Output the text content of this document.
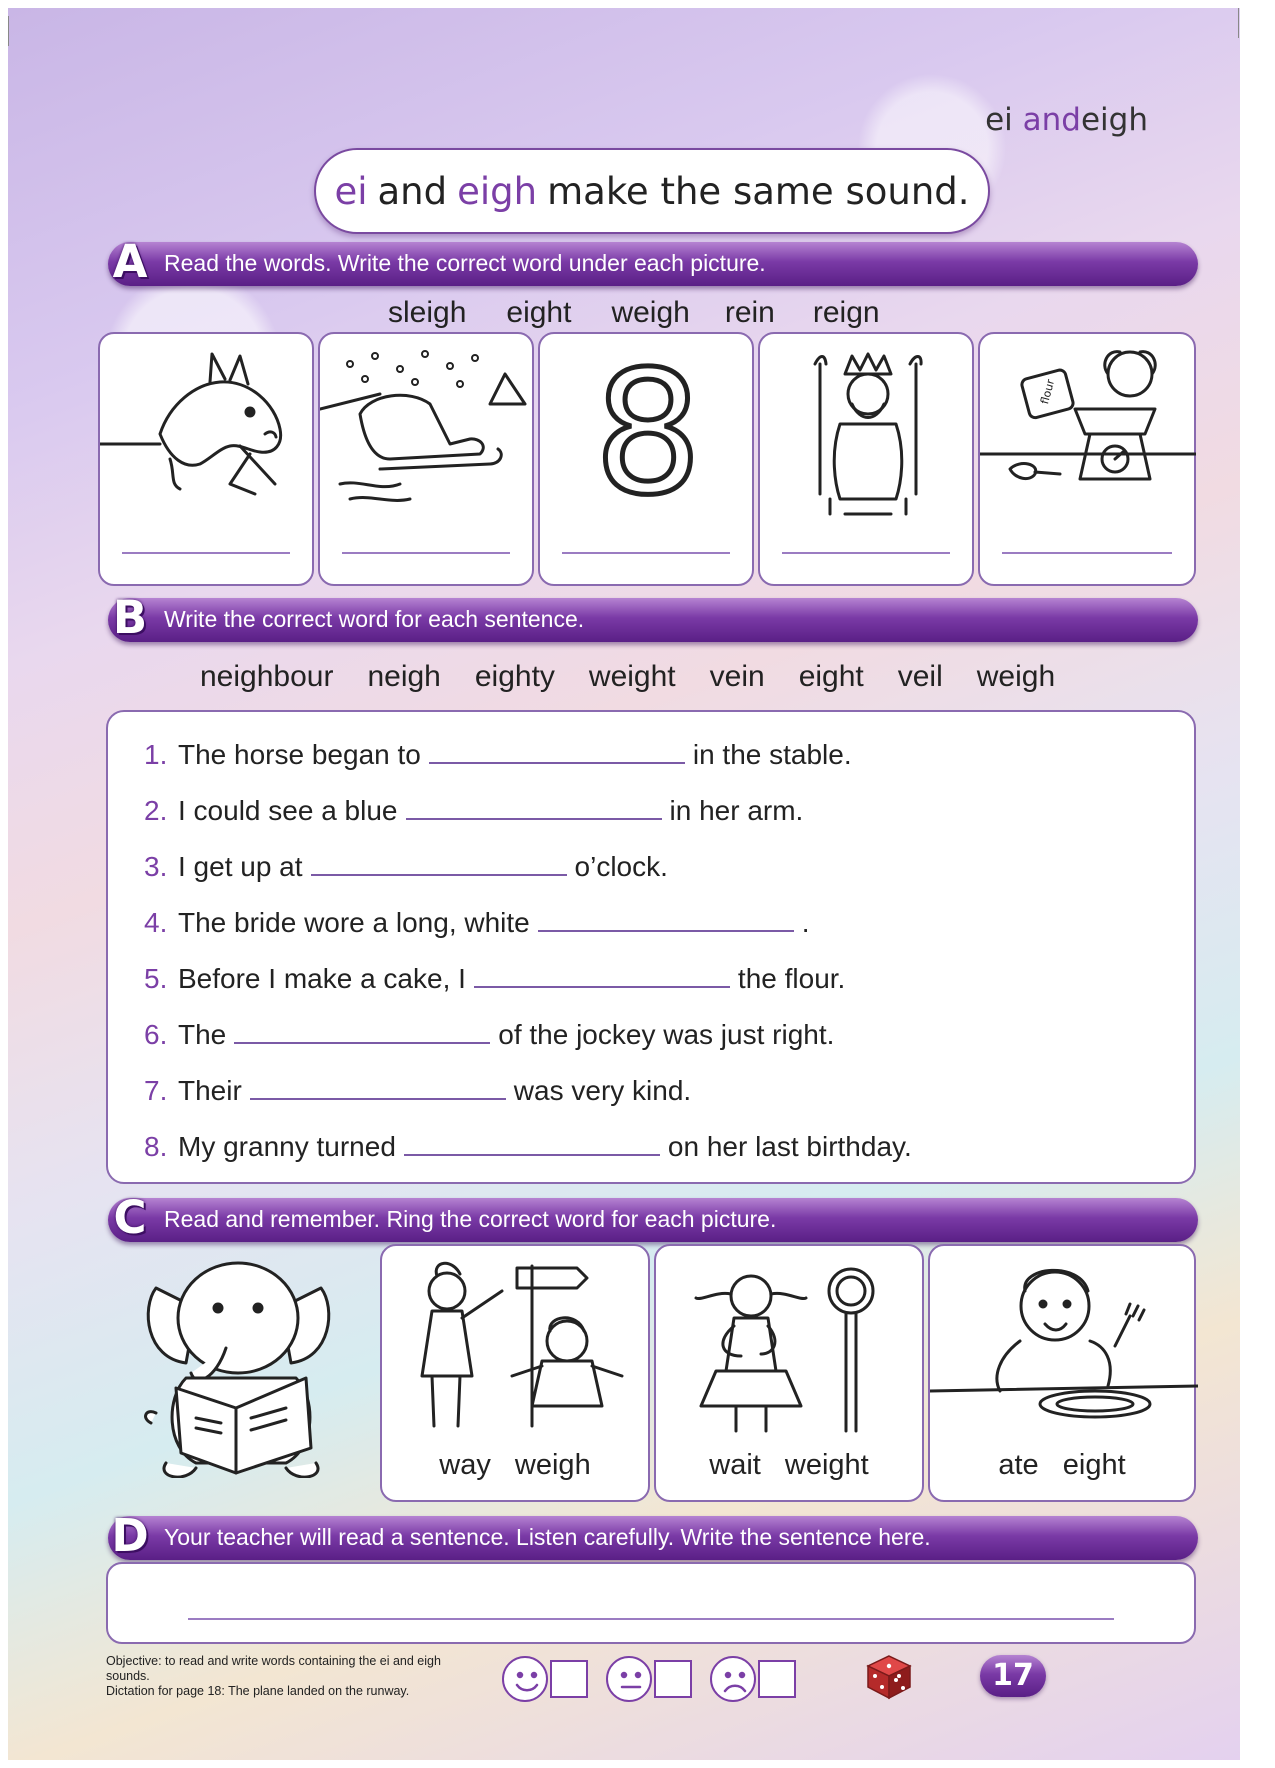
ei andeigh
ei and eigh make the same sound.
A Read the words. Write the correct word under each picture.
sleigh eight weigh rein reign
8	flour
B Write the correct word for each sentence.
neighbour neigh eighty weight vein eight veil weigh
1. The horse began to	in the stable.
2. I could see a blue	in her arm.
3. I get up at	o’clock.
4. The bride wore a long, white	.
5. Before I make a cake, I	the flour.
6. The	of the jockey was just right.
7. Their	was very kind.
8. My granny turned	on her last birthday.
C Read and remember. Ring the correct word for each picture.
way weigh	wait weight	ate eight
D Your teacher will read a sentence. Listen carefully. Write the sentence here.
Objective: to read and write words containing the ei and eigh sounds.
Dictation for page 18: The plane landed on the runway.	17
